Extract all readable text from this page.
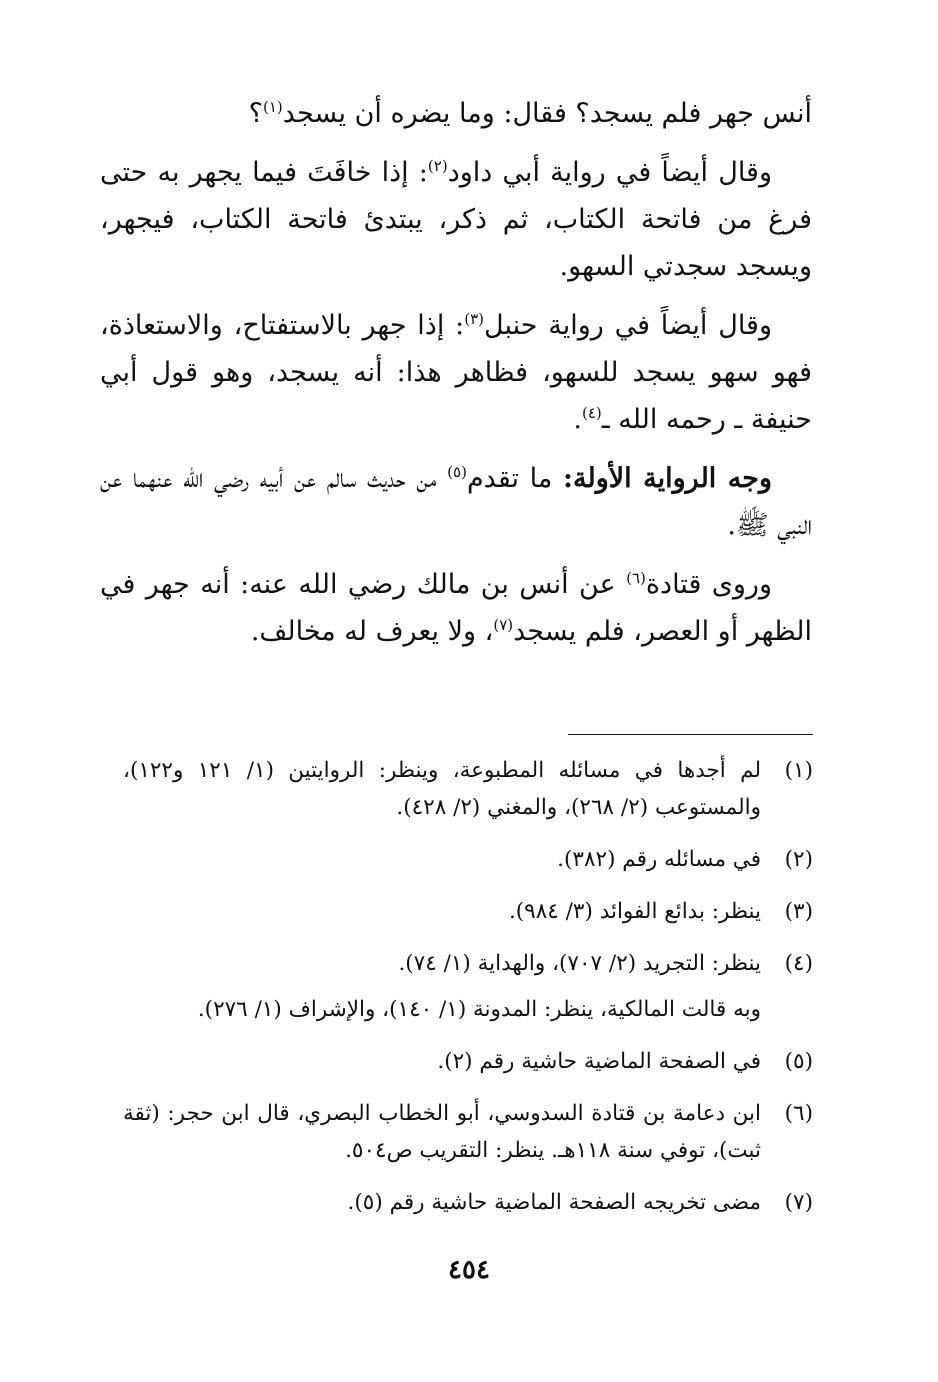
أنس جهر فلم يسجد؟ فقال: وما يضره أن يسجد$^{(١)}$؟

وقال أيضاً في رواية أبي داود$^{(٢)}$: إذا خافَتَ فيما يجهر به حتى فرغ من فاتحة الكتاب، ثم ذكر، يبتدئ فاتحة الكتاب، فيجهر، ويسجد سجدتي السهو.

وقال أيضاً في رواية حنبل$^{(٣)}$: إذا جهر بالاستفتاح، والاستعاذة، فهو سهو يسجد للسهو، فظاهر هذا: أنه يسجد، وهو قول أبي حنيفة ـ رحمه الله ـ$^{(٤)}$.

وجه الرواية الأولة: ما تقدم$^{(٥)}$ من حديث سالم عن أبيه رضي الله عنهما عن النبي ﷺ.

وروى قتادة$^{(٦)}$ عن أنس بن مالك رضي الله عنه: أنه جهر في الظهر أو العصر، فلم يسجد$^{(٧)}$، ولا يعرف له مخالف.

(١)
لم أجدها في مسائله المطبوعة، وينظر: الروايتين (١/ ١٢١ و١٢٢)، والمستوعب (٢/ ٢٦٨)، والمغني (٢/ ٤٢٨).
(٢)
في مسائله رقم (٣٨٢).
(٣)
ينظر: بدائع الفوائد (٣/ ٩٨٤).
(٤)
ينظر: التجريد (٢/ ٧٠٧)، والهداية (١/ ٧٤).
وبه قالت المالكية، ينظر: المدونة (١/ ١٤٠)، والإشراف (١/ ٢٧٦).
(٥)
في الصفحة الماضية حاشية رقم (٢).
(٦)
ابن دعامة بن قتادة السدوسي، أبو الخطاب البصري، قال ابن حجر: (ثقة ثبت)، توفي سنة ١١٨هـ. ينظر: التقريب ص٥٠٤.
(٧)
مضى تخريجه الصفحة الماضية حاشية رقم (٥).
٤٥٤
